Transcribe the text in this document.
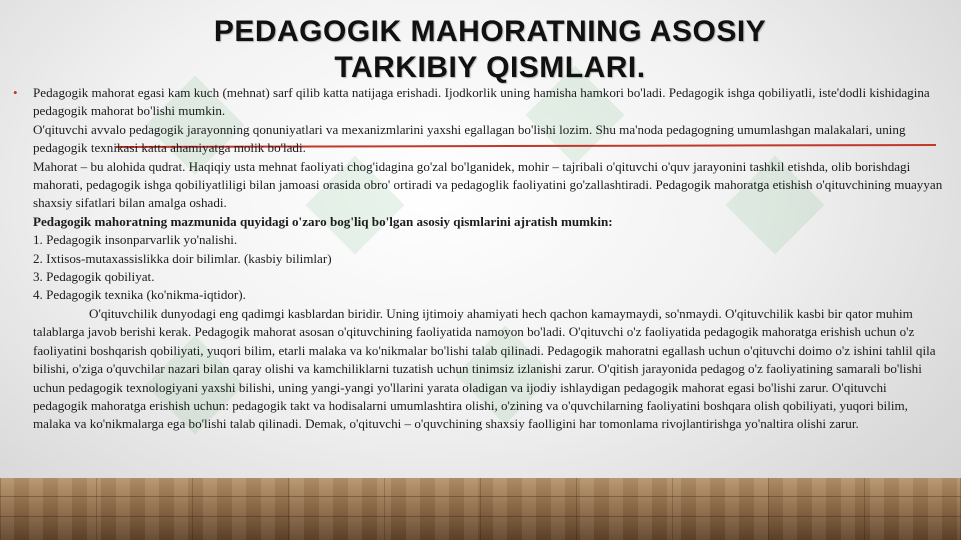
PEDAGOGIK MAHORATNING ASOSIY
TARKIBIY QISMLARI.
•	Pedagogik mahorat egasi kam kuch (mehnat) sarf qilib katta natijaga erishadi. Ijodkorlik uning hamisha hamkori bo'ladi. Pedagogik ishga qobiliyatli, iste'dodli kishidagina pedagogik mahorat bo'lishi mumkin.

O'qituvchi avvalo pedagogik jarayonning qonuniyatlari va mexanizmlarini yaxshi egallagan bo'lishi lozim. Shu ma'noda pedagogning umumlashgan malakalari, uning pedagogik texnikasi katta ahamiyatga molik bo'ladi.

Mahorat – bu alohida qudrat. Haqiqiy usta mehnat faoliyati chog'idagina go'zal bo'lganidek, mohir – tajribali o'qituvchi o'quv jarayonini tashkil etishda, olib borishdagi mahorati, pedagogik ishga qobiliyatliligi bilan jamoasi orasida obro' ortiradi va pedagoglik faoliyatini go'zallashtiradi. Pedagogik mahoratga etishish o'qituvchining muayyan shaxsiy sifatlari bilan amalga oshadi.

Pedagogik mahoratning mazmunida quyidagi o'zaro bog'liq bo'lgan asosiy qismlarini ajratish mumkin:

1. Pedagogik insonparvarlik yo'nalishi.

2. Ixtisos-mutaxassislikka doir bilimlar. (kasbiy bilimlar)

3. Pedagogik qobiliyat.

4. Pedagogik texnika (ko'nikma-iqtidor).

O'qituvchilik dunyodagi eng qadimgi kasblardan biridir. Uning ijtimoiy ahamiyati hech qachon kamaymaydi, so'nmaydi. O'qituvchilik kasbi bir qator muhim talablarga javob berishi kerak. Pedagogik mahorat asosan o'qituvchining faoliyatida namoyon bo'ladi. O'qituvchi o'z faoliyatida pedagogik mahoratga erishish uchun o'z faoliyatini boshqarish qobiliyati, yuqori bilim, etarli malaka va ko'nikmalar bo'lishi talab qilinadi. Pedagogik mahoratni egallash uchun o'qituvchi doimo o'z ishini tahlil qila bilishi, o'ziga o'quvchilar nazari bilan qaray olishi va kamchiliklarni tuzatish uchun tinimsiz izlanishi zarur. O'qitish jarayonida pedagog o'z faoliyatining samarali bo'lishi uchun pedagogik texnologiyani yaxshi bilishi, uning yangi-yangi yo'llarini yarata oladigan va ijodiy ishlaydigan pedagogik mahorat egasi bo'lishi zarur. O'qituvchi pedagogik mahoratga erishish uchun: pedagogik takt va hodisalarni umumlashtira olishi, o'zining va o'quvchilarning faoliyatini boshqara olish qobiliyati, yuqori bilim, malaka va ko'nikmalarga ega bo'lishi talab qilinadi. Demak, o'qituvchi – o'quvchining shaxsiy faolligini har tomonlama rivojlantirishga yo'naltira olishi zarur.
